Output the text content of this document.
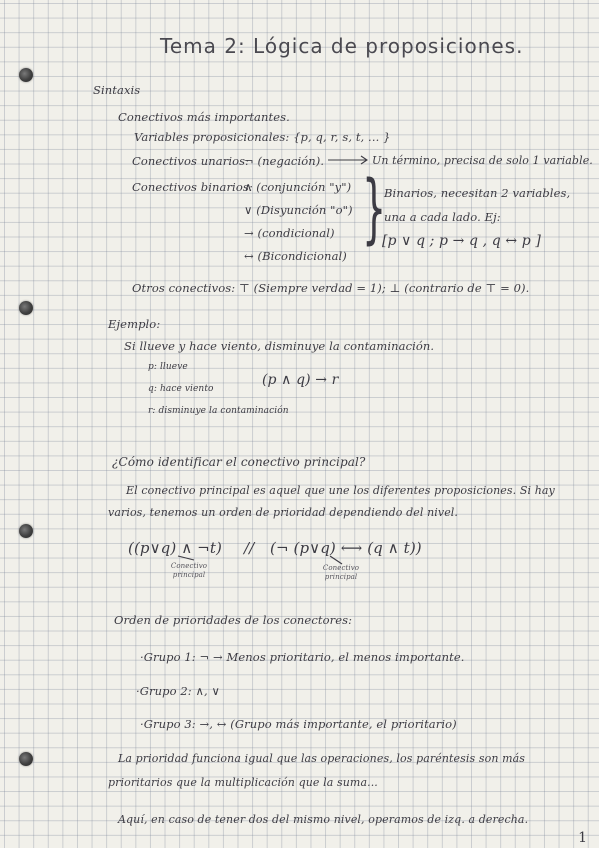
Tema 2: Lógica de proposiciones.
Sintaxis
Conectivos más importantes.
Variables proposicionales: {p, q, r, s, t, ... }
Conectivos unarios:
¬ (negación).	Un término, precisa de solo 1 variable.
Conectivos binarios:
∧ (conjunción "y")
∨ (Disyunción "o")
→ (condicional)
↔ (Bicondicional)
}
Binarios, necesitan 2 variables,
una a cada lado. Ej:
[p ∨ q ; p → q , q ↔ p ]
Otros conectivos: ⊤ (Siempre verdad = 1); ⊥ (contrario de ⊤ = 0).
Ejemplo:
Si llueve y hace viento, disminuye la contaminación.
p: llueve
q: hace viento
r: disminuye la contaminación
(p ∧ q) → r
¿Cómo identificar el conectivo principal?
El conectivo principal es aquel que une los diferentes proposiciones. Si hay
varios, tenemos un orden de prioridad dependiendo del nivel.
((p∨q) ∧ ¬t) // (¬ (p∨q) ⟷ (q ∧ t))
Conectivo principal
Conectivo principal
Orden de prioridades de los conectores:
·Grupo 1: ¬ → Menos prioritario, el menos importante.
·Grupo 2: ∧, ∨
·Grupo 3: →, ↔ (Grupo más importante, el prioritario)
La prioridad funciona igual que las operaciones, los paréntesis son más
prioritarios que la multiplicación que la suma...
Aquí, en caso de tener dos del mismo nivel, operamos de izq. a derecha.
1
